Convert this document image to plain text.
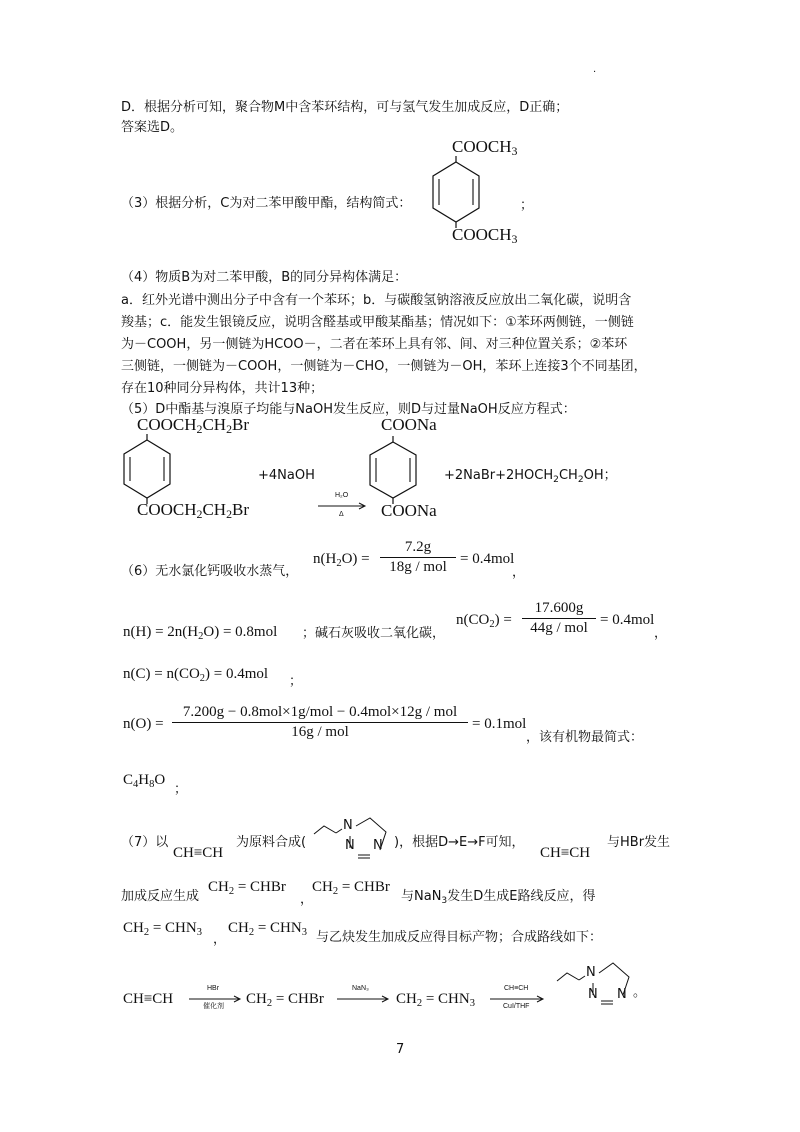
.
D．根据分析可知，聚合物M中含苯环结构，可与氢气发生加成反应，D正确；
答案选D。
（3）根据分析，C为对二苯甲酸甲酯，结构简式：
$COOCH_3$
$COOCH_3$
；
（4）物质B为对二苯甲酸，B的同分异构体满足：
a．红外光谱中测出分子中含有一个苯环；b．与碳酸氢钠溶液反应放出二氧化碳，说明含
羧基；c．能发生银镜反应，说明含醛基或甲酸某酯基；情况如下：①苯环两侧链，一侧链
为－COOH，另一侧链为HCOO－，二者在苯环上具有邻、间、对三种位置关系；②苯环
三侧链，一侧链为－COOH，一侧链为－CHO，一侧链为－OH，苯环上连接3个不同基团，
存在10种同分异构体，共计13种；
（5）D中酯基与溴原子均能与NaOH发生反应，则D与过量NaOH反应方程式：
$COOCH_2CH_2Br$
$COOCH_2CH_2Br$
+4NaOH
H₂O
Δ
COONa
COONa
$+2NaBr+2HOCH_2CH_2OH$；
（6）无水氯化钙吸收水蒸气，
$n(H_2O)$ =
7.2g
18g / mol = 0.4mol
，
$n(H) = 2n(H_2O) = 0.8mol$ ；碱石灰吸收二氧化碳，
$n(CO_2)$ =
17.600g
44g / mol = 0.4mol
，
$n(C) = n(CO_2) = 0.4mol$ ；
n(O) =
7.200g − 0.8mol×1g/mol − 0.4mol×12g / mol
16g / mol	= 0.1mol
，该有机物最简式：
$C_4H_8O$
；
（7）以
CH≡CH
为原料合成(
N
N N )，根据D→E→F可知，
CH≡CH
与HBr发生
加成反应生成
$CH_2$ = CHBr
，
$CH_2$ = CHBr
与NaN$_3$发生D生成E路线反应，得
$CH_2 = CHN_3$ ，
$CH_2 = CHN_3$ 与乙炔发生加成反应得目标产物；合成路线如下：
CH≡CH
HBr
催化剂 $CH_2$ = CHBr
NaN₃
$CH_2 = CHN_3$
CH≡CH
CuI/THF
N
N N 。
7
